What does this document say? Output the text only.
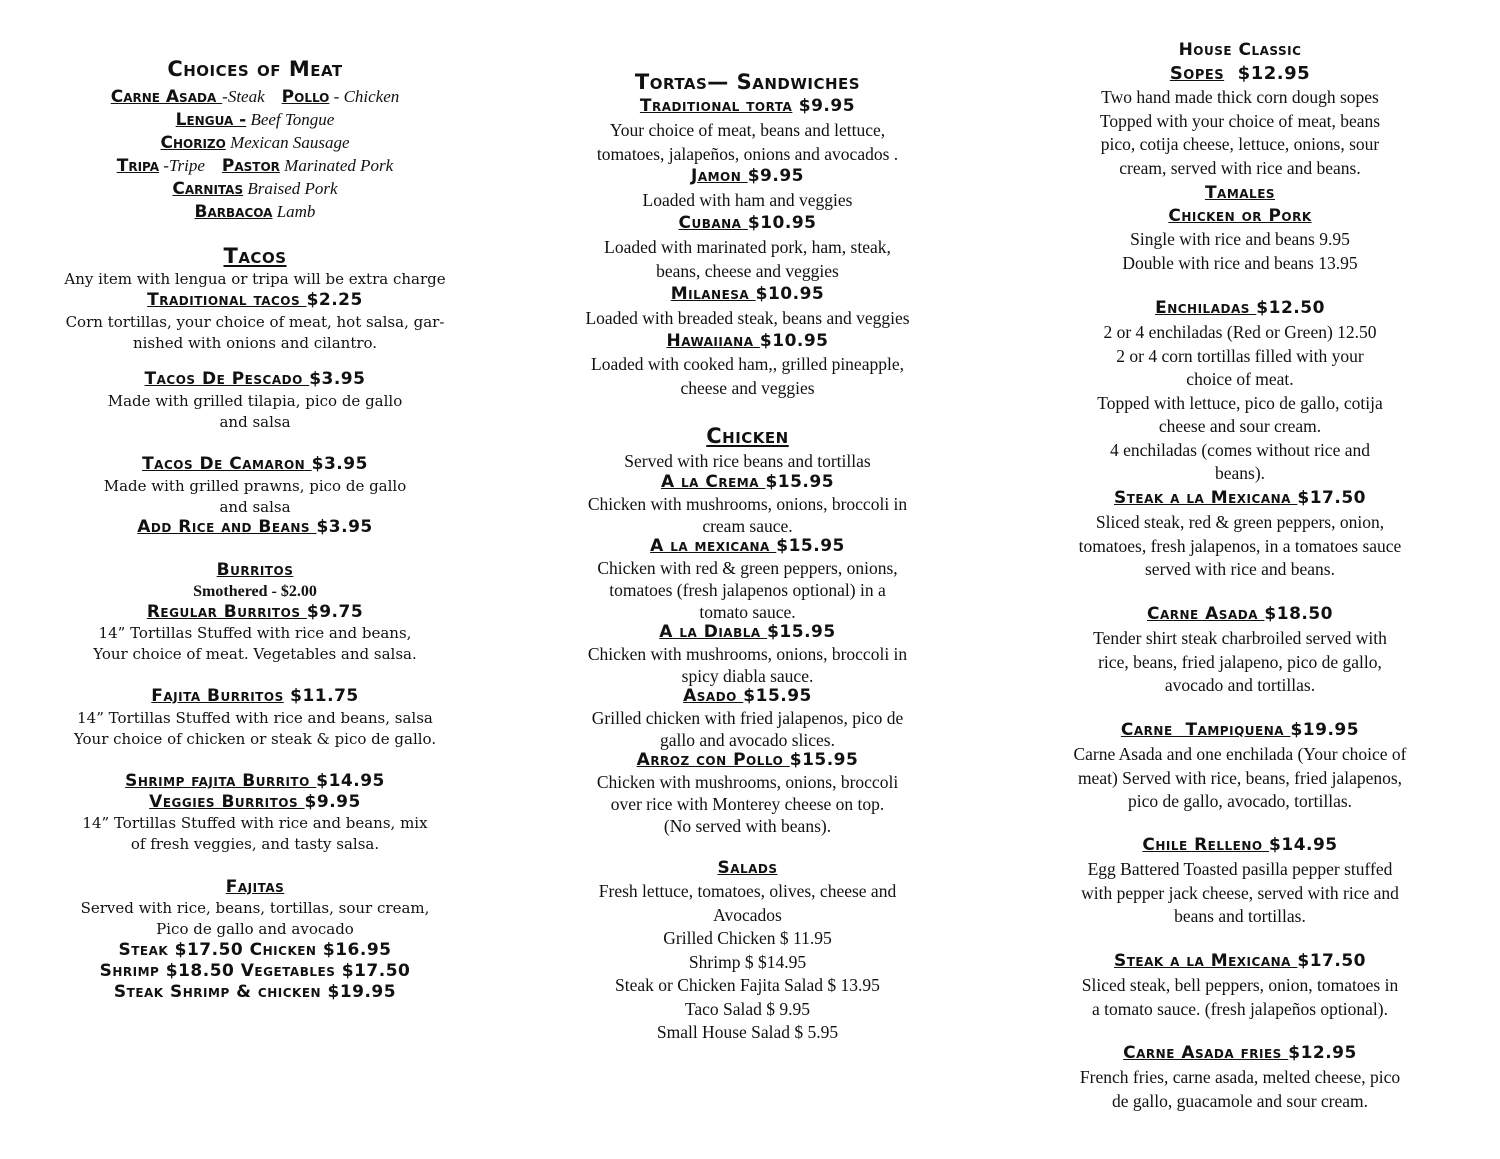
Choices of Meat
Carne Asada -Steak Pollo - Chicken
Lengua - Beef Tongue
Chorizo Mexican Sausage
Tripa -Tripe Pastor Marinated Pork
Carnitas Braised Pork
Barbacoa Lamb
Tacos
Any item with lengua or tripa will be extra charge
Traditional tacos $2.25
Corn tortillas, your choice of meat, hot salsa, gar-
nished with onions and cilantro.
Tacos De Pescado $3.95
Made with grilled tilapia, pico de gallo
and salsa
Tacos De Camaron $3.95
Made with grilled prawns, pico de gallo
and salsa
Add Rice and Beans $3.95
Burritos
Smothered - $2.00
Regular Burritos $9.75
14” Tortillas Stuffed with rice and beans,
Your choice of meat. Vegetables and salsa.
Fajita Burritos $11.75
14” Tortillas Stuffed with rice and beans, salsa
Your choice of chicken or steak & pico de gallo.
Shrimp fajita Burrito $14.95
Veggies Burritos $9.95
14” Tortillas Stuffed with rice and beans, mix
of fresh veggies, and tasty salsa.
Fajitas
Served with rice, beans, tortillas, sour cream,
Pico de gallo and avocado
Steak $17.50 Chicken $16.95
Shrimp $18.50 Vegetables $17.50
Steak Shrimp & chicken $19.95
Tortas— Sandwiches
Traditional torta $9.95
Your choice of meat, beans and lettuce,
tomatoes, jalapeños, onions and avocados .
Jamon $9.95
Loaded with ham and veggies
Cubana $10.95
Loaded with marinated pork, ham, steak,
beans, cheese and veggies
Milanesa $10.95
Loaded with breaded steak, beans and veggies
Hawaiiana $10.95
Loaded with cooked ham,, grilled pineapple,
cheese and veggies
Chicken
Served with rice beans and tortillas
A la Crema $15.95
Chicken with mushrooms, onions, broccoli in
cream sauce.
A la mexicana $15.95
Chicken with red & green peppers, onions,
tomatoes (fresh jalapenos optional) in a
tomato sauce.
A la Diabla $15.95
Chicken with mushrooms, onions, broccoli in
spicy diabla sauce.
Asado $15.95
Grilled chicken with fried jalapenos, pico de
gallo and avocado slices.
Arroz con Pollo $15.95
Chicken with mushrooms, onions, broccoli
over rice with Monterey cheese on top.
(No served with beans).
Salads
Fresh lettuce, tomatoes, olives, cheese and
Avocados
Grilled Chicken $ 11.95
Shrimp $ $14.95
Steak or Chicken Fajita Salad $ 13.95
Taco Salad $ 9.95
Small House Salad $ 5.95
House Classic
Sopes  $12.95
Two hand made thick corn dough sopes
Topped with your choice of meat, beans
pico, cotija cheese, lettuce, onions, sour
cream, served with rice and beans.
Tamales
Chicken or Pork
Single with rice and beans 9.95
Double with rice and beans 13.95
Enchiladas $12.50
2 or 4 enchiladas (Red or Green) 12.50
2 or 4 corn tortillas filled with your
choice of meat.
Topped with lettuce, pico de gallo, cotija
cheese and sour cream.
4 enchiladas (comes without rice and
beans).
Steak a la Mexicana $17.50
Sliced steak, red & green peppers, onion,
tomatoes, fresh jalapenos, in a tomatoes sauce
served with rice and beans.
Carne Asada $18.50
Tender shirt steak charbroiled served with
rice, beans, fried jalapeno, pico de gallo,
avocado and tortillas.
Carne  Tampiquena $19.95
Carne Asada and one enchilada (Your choice of
meat) Served with rice, beans, fried jalapenos,
pico de gallo, avocado, tortillas.
Chile Relleno $14.95
Egg Battered Toasted pasilla pepper stuffed
with pepper jack cheese, served with rice and
beans and tortillas.
Steak a la Mexicana $17.50
Sliced steak, bell peppers, onion, tomatoes in
a tomato sauce. (fresh jalapeños optional).
Carne Asada fries $12.95
French fries, carne asada, melted cheese, pico
de gallo, guacamole and sour cream.
